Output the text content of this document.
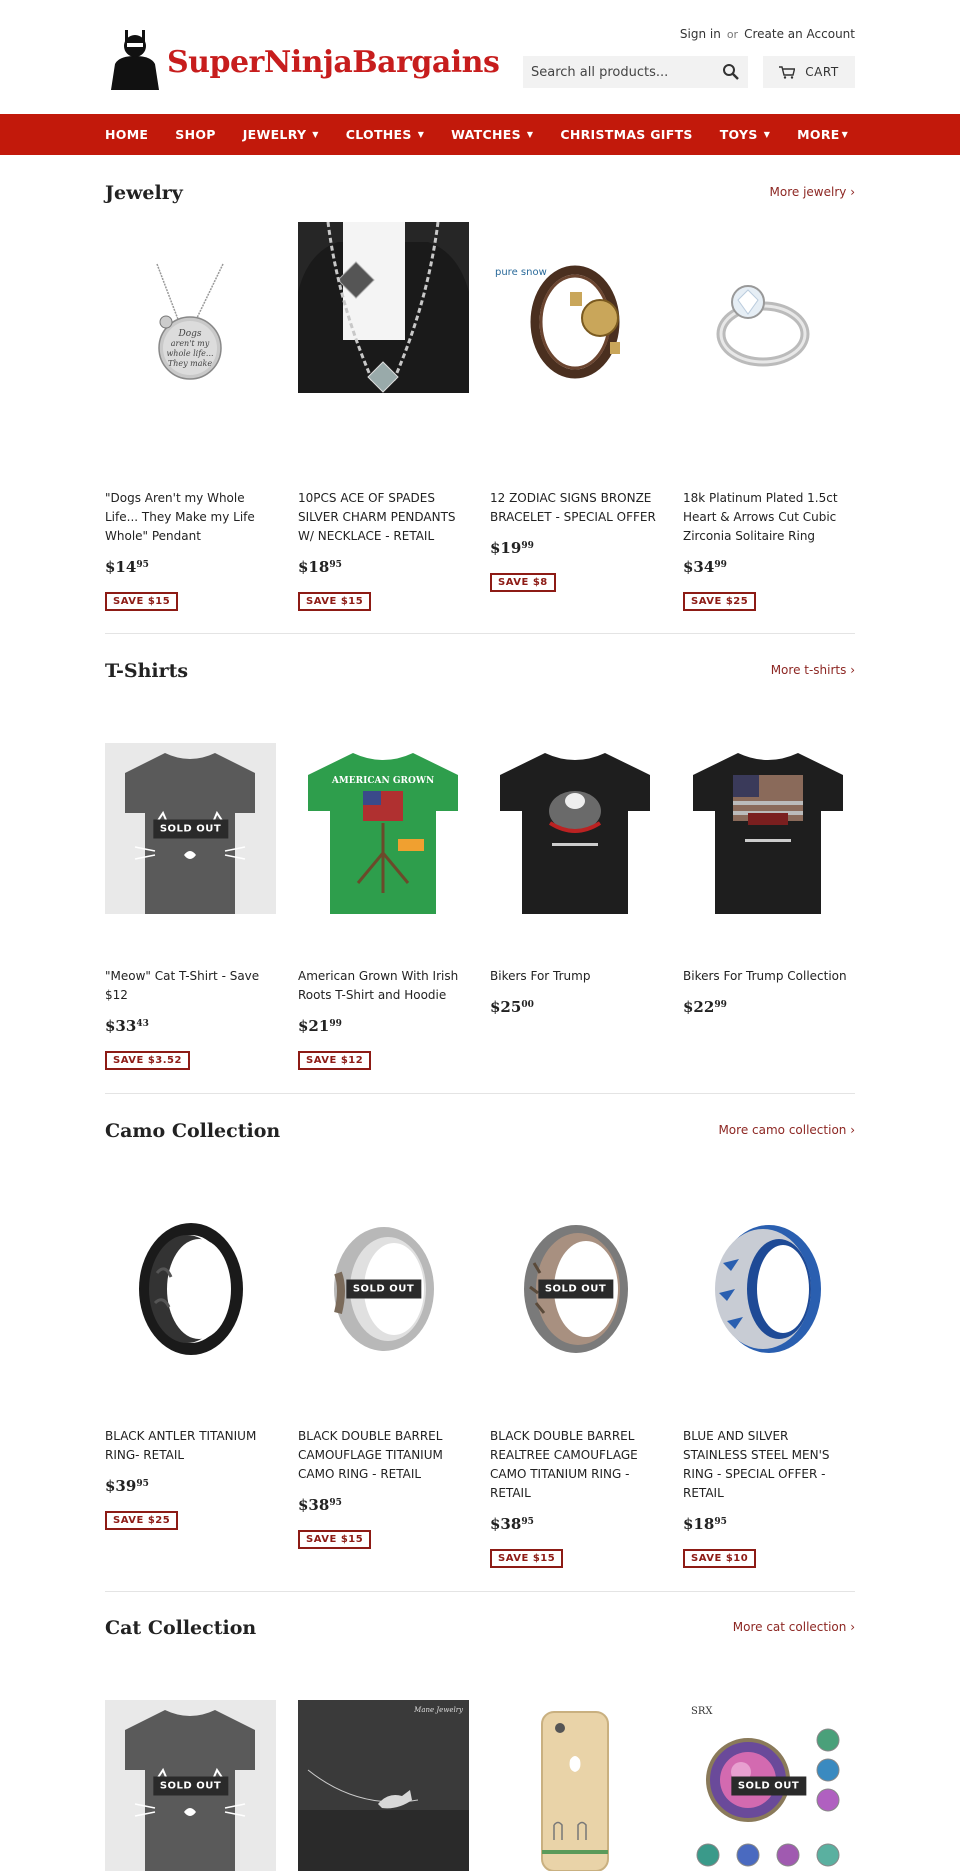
SuperNinjaBargains
Sign in or Create an Account
Search all products...
CART
HOME SHOP JEWELRY ▼ CLOTHES ▼ WATCHES ▼ CHRISTMAS GIFTS TOYS ▼ MORE ▼
Jewelry	More jewelry ›
Dogs
aren't my
whole life...
They make
"Dogs Aren't my Whole Life... They Make my Life Whole" Pendant
$\$14^{95}$
SAVE $15
10PCS ACE OF SPADES SILVER CHARM PENDANTS W/ NECKLACE - RETAIL
$\$18^{95}$
SAVE $15
pure snow
12 ZODIAC SIGNS BRONZE BRACELET - SPECIAL OFFER
$\$19^{99}$
SAVE $8
18k Platinum Plated 1.5ct Heart & Arrows Cut Cubic Zirconia Solitaire Ring
$\$34^{99}$
SAVE $25
T-Shirts	More t-shirts ›
SOLD OUT
"Meow" Cat T-Shirt - Save $12
$\$33^{43}$
SAVE $3.52
AMERICAN GROWN
American Grown With Irish Roots T-Shirt and Hoodie
$\$21^{99}$
SAVE $12
Bikers For Trump
$\$25^{00}$
Bikers For Trump Collection
$\$22^{99}$
Camo Collection	More camo collection ›
BLACK ANTLER TITANIUM RING- RETAIL
$\$39^{95}$
SAVE $25
SOLD OUT
BLACK DOUBLE BARREL CAMOUFLAGE TITANIUM CAMO RING - RETAIL
$\$38^{95}$
SAVE $15
SOLD OUT
BLACK DOUBLE BARREL REALTREE CAMOUFLAGE CAMO TITANIUM RING - RETAIL
$\$38^{95}$
SAVE $15
BLUE AND SILVER STAINLESS STEEL MEN'S RING - SPECIAL OFFER - RETAIL
$\$18^{95}$
SAVE $10
Cat Collection	More cat collection ›
SOLD OUT
Mane Jewelry	SRX
SOLD OUT
